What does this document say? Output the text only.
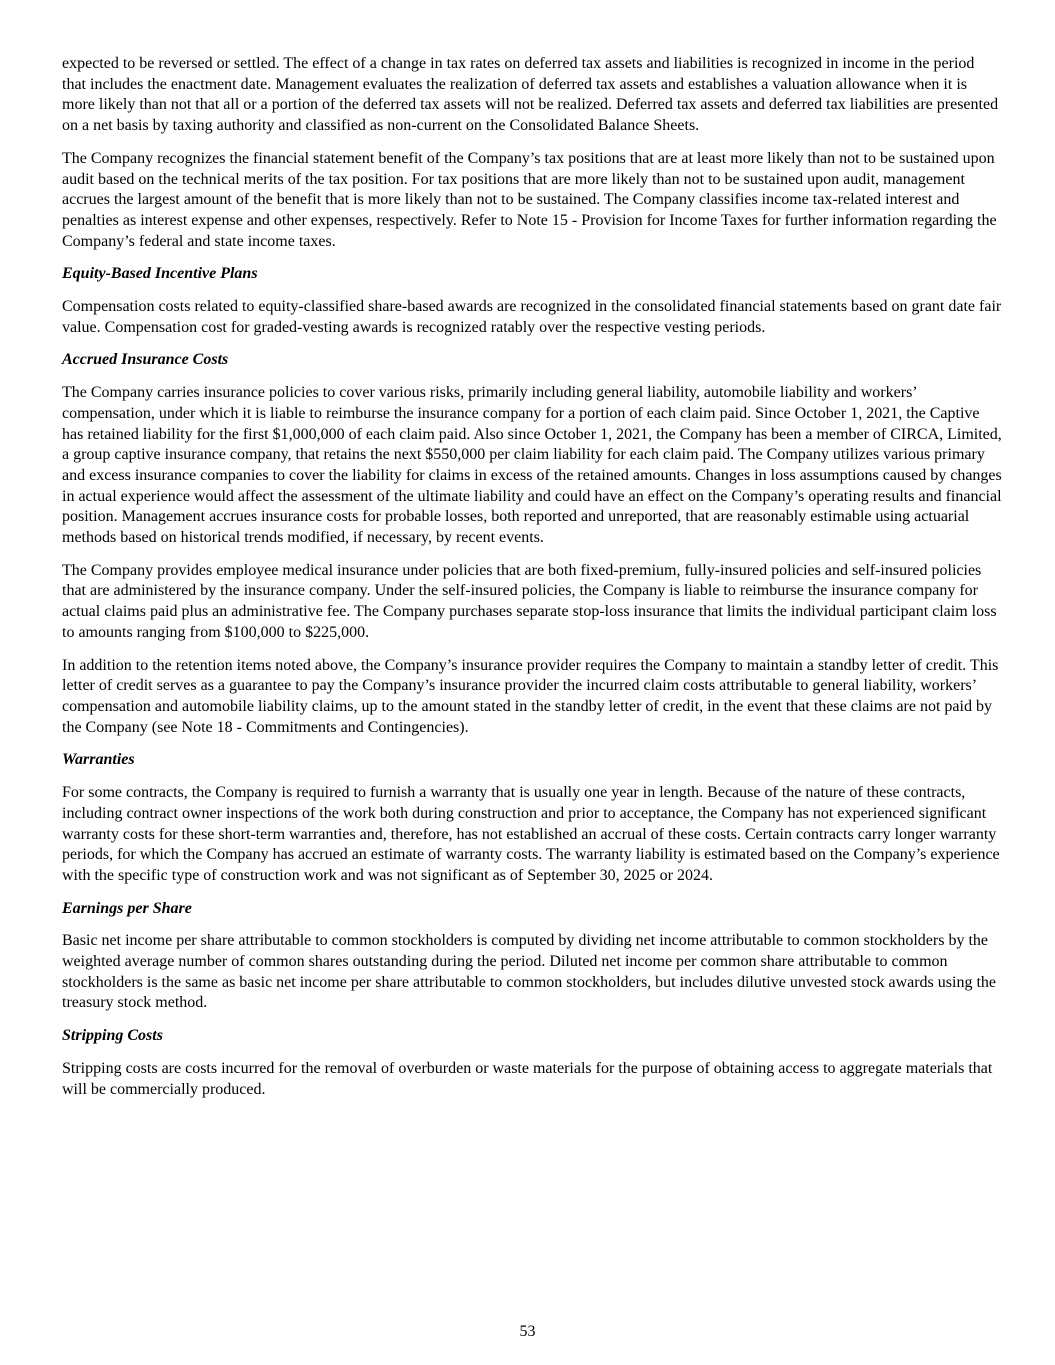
expected to be reversed or settled. The effect of a change in tax rates on deferred tax assets and liabilities is recognized in income in the period that includes the enactment date. Management evaluates the realization of deferred tax assets and establishes a valuation allowance when it is more likely than not that all or a portion of the deferred tax assets will not be realized. Deferred tax assets and deferred tax liabilities are presented on a net basis by taxing authority and classified as non-current on the Consolidated Balance Sheets.

The Company recognizes the financial statement benefit of the Company’s tax positions that are at least more likely than not to be sustained upon audit based on the technical merits of the tax position. For tax positions that are more likely than not to be sustained upon audit, management accrues the largest amount of the benefit that is more likely than not to be sustained. The Company classifies income tax-related interest and penalties as interest expense and other expenses, respectively. Refer to Note 15 - Provision for Income Taxes for further information regarding the Company’s federal and state income taxes.

Equity-Based Incentive Plans

Compensation costs related to equity-classified share-based awards are recognized in the consolidated financial statements based on grant date fair value. Compensation cost for graded-vesting awards is recognized ratably over the respective vesting periods.

Accrued Insurance Costs

The Company carries insurance policies to cover various risks, primarily including general liability, automobile liability and workers’ compensation, under which it is liable to reimburse the insurance company for a portion of each claim paid. Since October 1, 2021, the Captive has retained liability for the first $1,000,000 of each claim paid. Also since October 1, 2021, the Company has been a member of CIRCA, Limited, a group captive insurance company, that retains the next $550,000 per claim liability for each claim paid. The Company utilizes various primary and excess insurance companies to cover the liability for claims in excess of the retained amounts. Changes in loss assumptions caused by changes in actual experience would affect the assessment of the ultimate liability and could have an effect on the Company’s operating results and financial position. Management accrues insurance costs for probable losses, both reported and unreported, that are reasonably estimable using actuarial methods based on historical trends modified, if necessary, by recent events.

The Company provides employee medical insurance under policies that are both fixed-premium, fully-insured policies and self-insured policies that are administered by the insurance company. Under the self-insured policies, the Company is liable to reimburse the insurance company for actual claims paid plus an administrative fee. The Company purchases separate stop-loss insurance that limits the individual participant claim loss to amounts ranging from $100,000 to $225,000.

In addition to the retention items noted above, the Company’s insurance provider requires the Company to maintain a standby letter of credit. This letter of credit serves as a guarantee to pay the Company’s insurance provider the incurred claim costs attributable to general liability, workers’ compensation and automobile liability claims, up to the amount stated in the standby letter of credit, in the event that these claims are not paid by the Company (see Note 18 - Commitments and Contingencies).

Warranties

For some contracts, the Company is required to furnish a warranty that is usually one year in length. Because of the nature of these contracts, including contract owner inspections of the work both during construction and prior to acceptance, the Company has not experienced significant warranty costs for these short-term warranties and, therefore, has not established an accrual of these costs. Certain contracts carry longer warranty periods, for which the Company has accrued an estimate of warranty costs. The warranty liability is estimated based on the Company’s experience with the specific type of construction work and was not significant as of September 30, 2025 or 2024.

Earnings per Share

Basic net income per share attributable to common stockholders is computed by dividing net income attributable to common stockholders by the weighted average number of common shares outstanding during the period. Diluted net income per common share attributable to common stockholders is the same as basic net income per share attributable to common stockholders, but includes dilutive unvested stock awards using the treasury stock method.

Stripping Costs

Stripping costs are costs incurred for the removal of overburden or waste materials for the purpose of obtaining access to aggregate materials that will be commercially produced.

53
